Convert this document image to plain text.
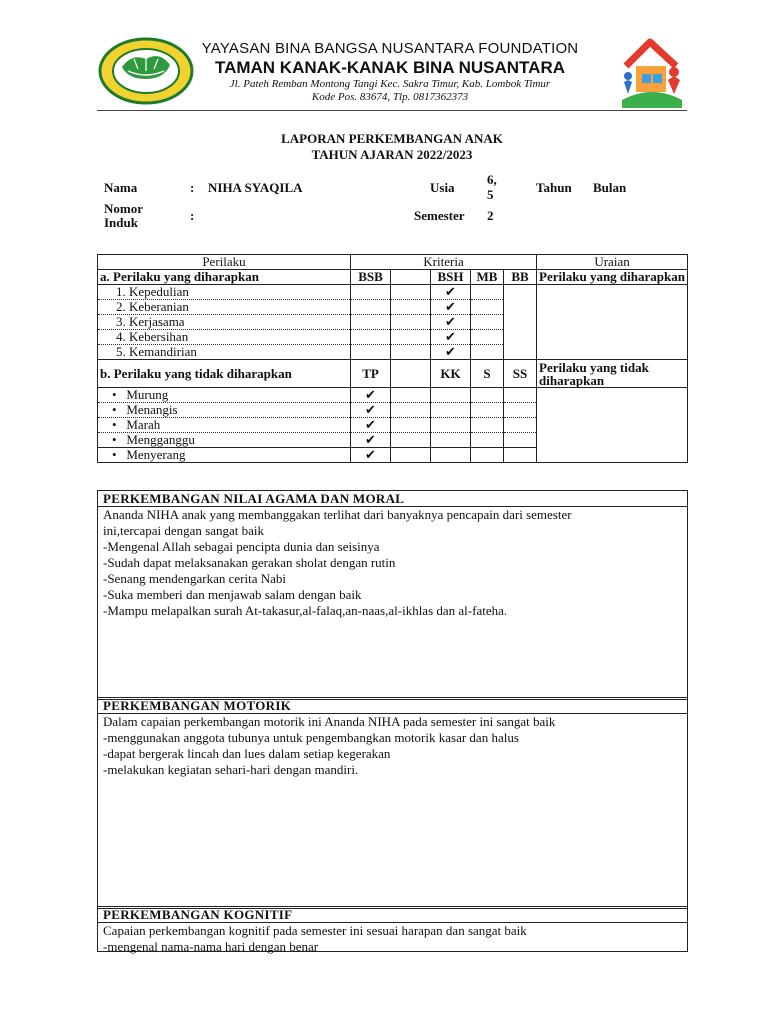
YAYASAN BINA BANGSA NUSANTARA FOUNDATION
TAMAN KANAK-KANAK BINA NUSANTARA
Jl. Pateh Remban Montong Tangi Kec. Sakra Timur, Kab. Lombok Timur
Kode Pos. 83674, Tlp. 0817362373
LAPORAN PERKEMBANGAN ANAK
TAHUN AJARAN 2022/2023
Nama	: NIHA SYAQILA	Usia
6,
5	Tahun Bulan
Nomor
Induk	:	Semester 2
Perilaku	Kriteria					Uraian
a. Perilaku yang diharapkan	BSB		BSH	MB	BB	Perilaku yang diharapkan
1. Kepedulian			✔			
2. Keberanian			✔			
3. Kerjasama			✔			
4. Kebersihan			✔			
5. Kemandirian			✔			
b. Perilaku yang tidak diharapkan	TP		KK	S	SS	Perilaku yang tidak
diharapkan

• Murung	✔					
• Menangis	✔					
• Marah	✔					
• Mengganggu	✔					
• Menyerang	✔					
PERKEMBANGAN NILAI AGAMA DAN MORAL
Ananda NIHA anak yang membanggakan terlihat dari banyaknya pencapain dari semester
ini,tercapai dengan sangat baik
-Mengenal Allah sebagai pencipta dunia dan seisinya
-Sudah dapat melaksanakan gerakan sholat dengan rutin
-Senang mendengarkan cerita Nabi
-Suka memberi dan menjawab salam dengan baik
-Mampu melapalkan surah At-takasur,al-falaq,an-naas,al-ikhlas dan al-fateha.
PERKEMBANGAN MOTORIK
Dalam capaian perkembangan motorik ini Ananda NIHA pada semester ini sangat baik
-menggunakan anggota tubunya untuk pengembangkan motorik kasar dan halus
-dapat bergerak lincah dan lues dalam setiap kegerakan
-melakukan kegiatan sehari-hari dengan mandiri.
PERKEMBANGAN KOGNITIF
Capaian perkembangan kognitif pada semester ini sesuai harapan dan sangat baik
-mengenal nama-nama hari dengan benar
